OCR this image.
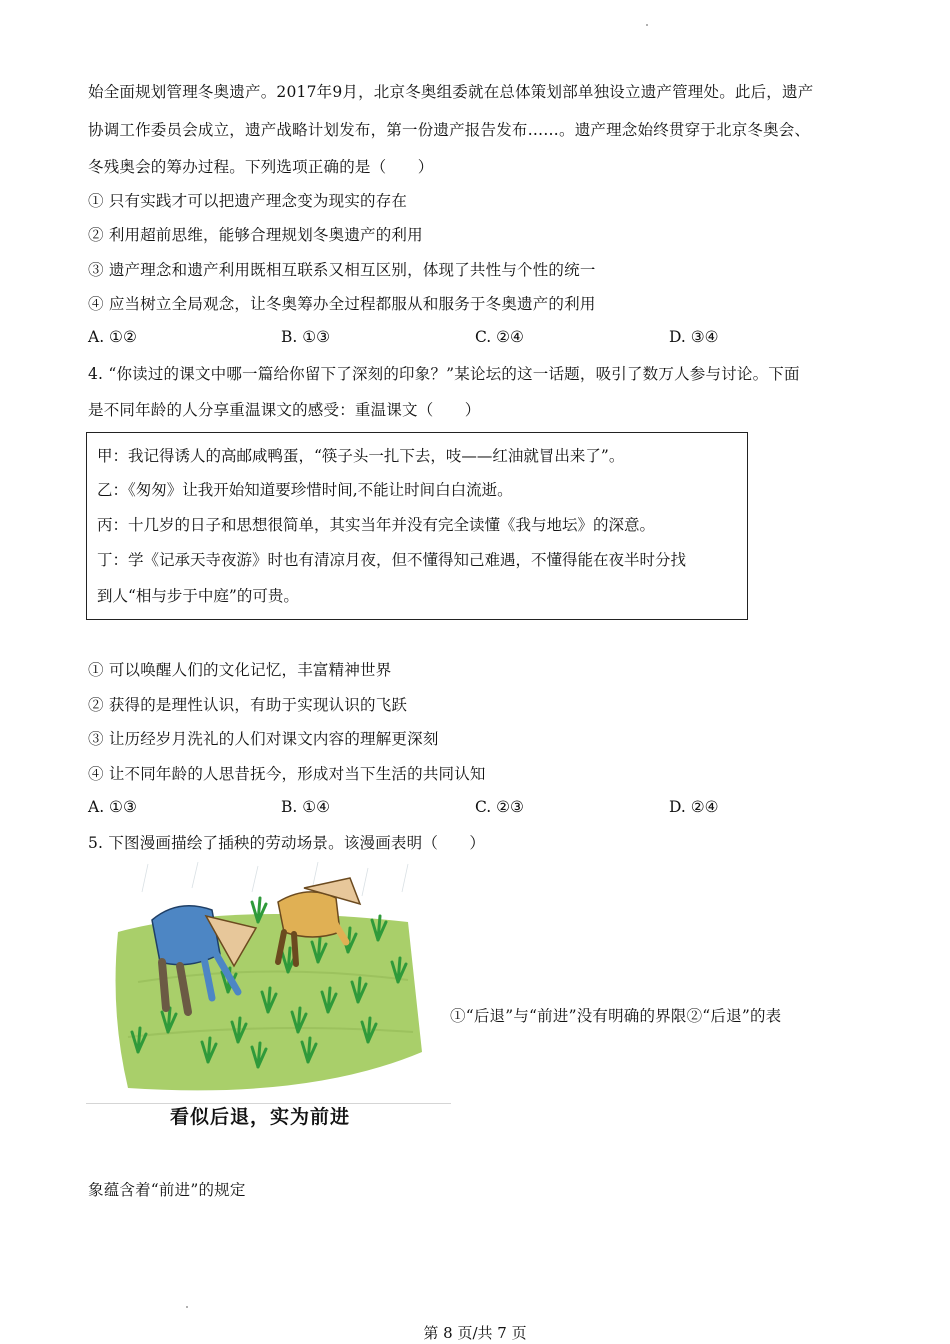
始全面规划管理冬奥遗产。2017年9月，北京冬奥组委就在总体策划部单独设立遗产管理处。此后，遗产
协调工作委员会成立，遗产战略计划发布，第一份遗产报告发布……。遗产理念始终贯穿于北京冬奥会、
冬残奥会的筹办过程。下列选项正确的是（　　）
① 只有实践才可以把遗产理念变为现实的存在
② 利用超前思维，能够合理规划冬奥遗产的利用
③ 遗产理念和遗产利用既相互联系又相互区别，体现了共性与个性的统一
④ 应当树立全局观念，让冬奥筹办全过程都服从和服务于冬奥遗产的利用
A. ①②	B. ①③	C. ②④	D. ③④
4. “你读过的课文中哪一篇给你留下了深刻的印象？”某论坛的这一话题，吸引了数万人参与讨论。下面
是不同年龄的人分享重温课文的感受：重温课文（　　）
甲：我记得诱人的高邮咸鸭蛋，“筷子头一扎下去，吱——红油就冒出来了”。
乙：《匆匆》让我开始知道要珍惜时间,不能让时间白白流逝。
丙：十几岁的日子和思想很简单，其实当年并没有完全读懂《我与地坛》的深意。
丁：学《记承天寺夜游》时也有清凉月夜，但不懂得知己难遇，不懂得能在夜半时分找
到人“相与步于中庭”的可贵。
① 可以唤醒人们的文化记忆，丰富精神世界
② 获得的是理性认识，有助于实现认识的飞跃
③ 让历经岁月洗礼的人们对课文内容的理解更深刻
④ 让不同年龄的人思昔抚今，形成对当下生活的共同认知
A. ①③	B. ①④	C. ②③	D. ②④
5. 下图漫画描绘了插秧的劳动场景。该漫画表明（　　）
看似后退，实为前进
①“后退”与“前进”没有明确的界限②“后退”的表
象蕴含着“前进”的规定
第 8 页/共 7 页
